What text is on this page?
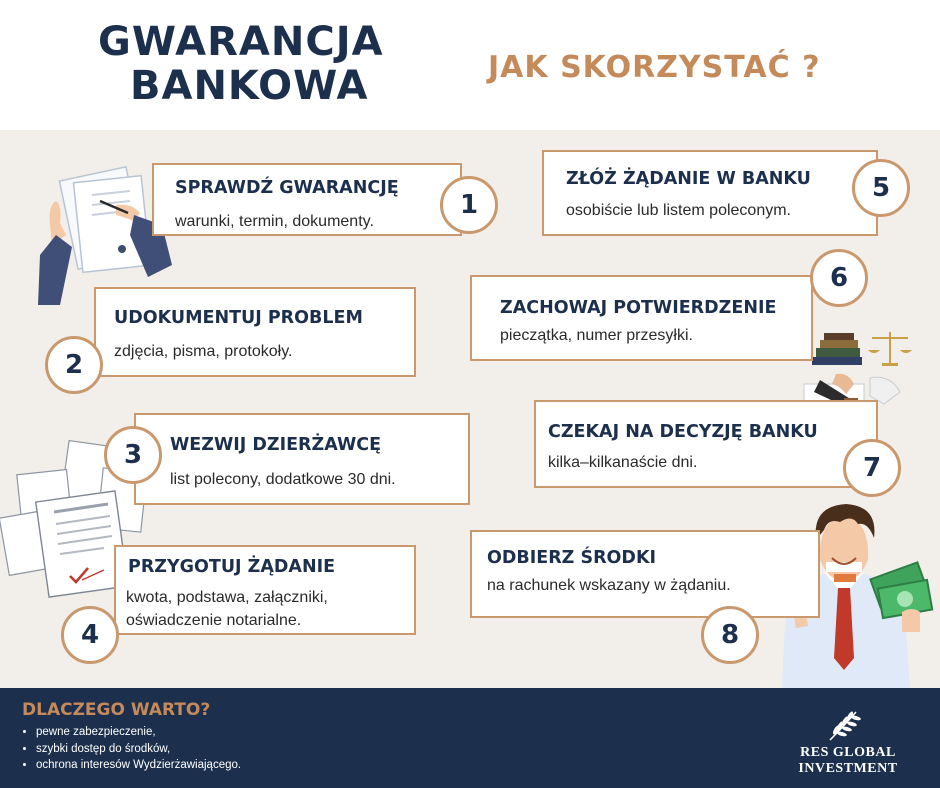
GWARANCJA
BANKOWA	JAK SKORZYSTAĆ ?
SPRAWDŹ GWARANCJĘ
warunki, termin, dokumenty.
1
ZŁÓŻ ŻĄDANIE W BANKU
osobiście lub listem poleconym.
5
UDOKUMENTUJ PROBLEM
zdjęcia, pisma, protokoły.
2
ZACHOWAJ POTWIERDZENIE
pieczątka, numer przesyłki.
6
WEZWIJ DZIERŻAWCĘ
list polecony, dodatkowe 30 dni.
3
CZEKAJ NA DECYZJĘ BANKU
kilka–kilkanaście dni.	7
PRZYGOTUJ ŻĄDANIE
kwota, podstawa, załączniki,
oświadczenie notarialne.
4
ODBIERZ ŚRODKI
na rachunek wskazany w żądaniu.
8
DLACZEGO WARTO?
• pewne zabezpieczenie,
• szybki dostęp do środków,
• ochrona interesów Wydzierżawiającego.
RES GLOBAL
INVESTMENT
